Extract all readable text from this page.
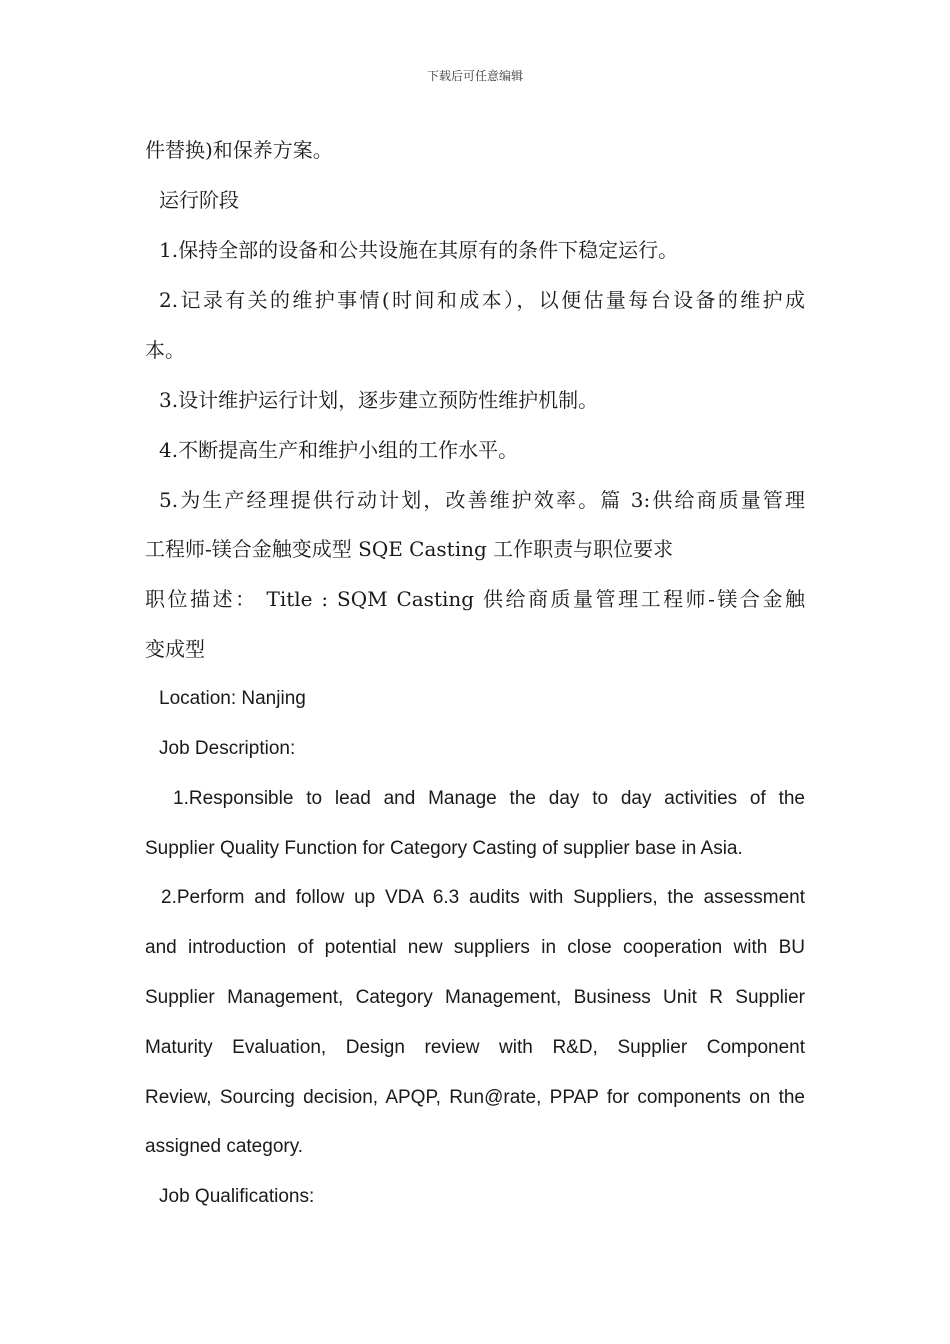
下载后可任意编辑
件替换)和保养方案。
运行阶段
1.保持全部的设备和公共设施在其原有的条件下稳定运行。
2.记录有关的维护事情(时间和成本），以便估量每台设备的维护成
本。
3.设计维护运行计划，逐步建立预防性维护机制。
4.不断提高生产和维护小组的工作水平。
5.为生产经理提供行动计划，改善维护效率。篇 3:供给商质量管理
工程师-镁合金触变成型 SQE Casting 工作职责与职位要求
职位描述： Title : SQM Casting 供给商质量管理工程师-镁合金触
变成型
Location: Nanjing
Job Description:
1.Responsible to lead and Manage the day to day activities of the
Supplier Quality Function for Category Casting of supplier base in Asia.
2.Perform and follow up VDA 6.3 audits with Suppliers, the assessment
and introduction of potential new suppliers in close cooperation with BU
Supplier Management, Category Management, Business Unit R Supplier
Maturity Evaluation, Design review with R&D, Supplier Component
Review, Sourcing decision, APQP, Run@rate, PPAP for components on the
assigned category.
Job Qualifications:
